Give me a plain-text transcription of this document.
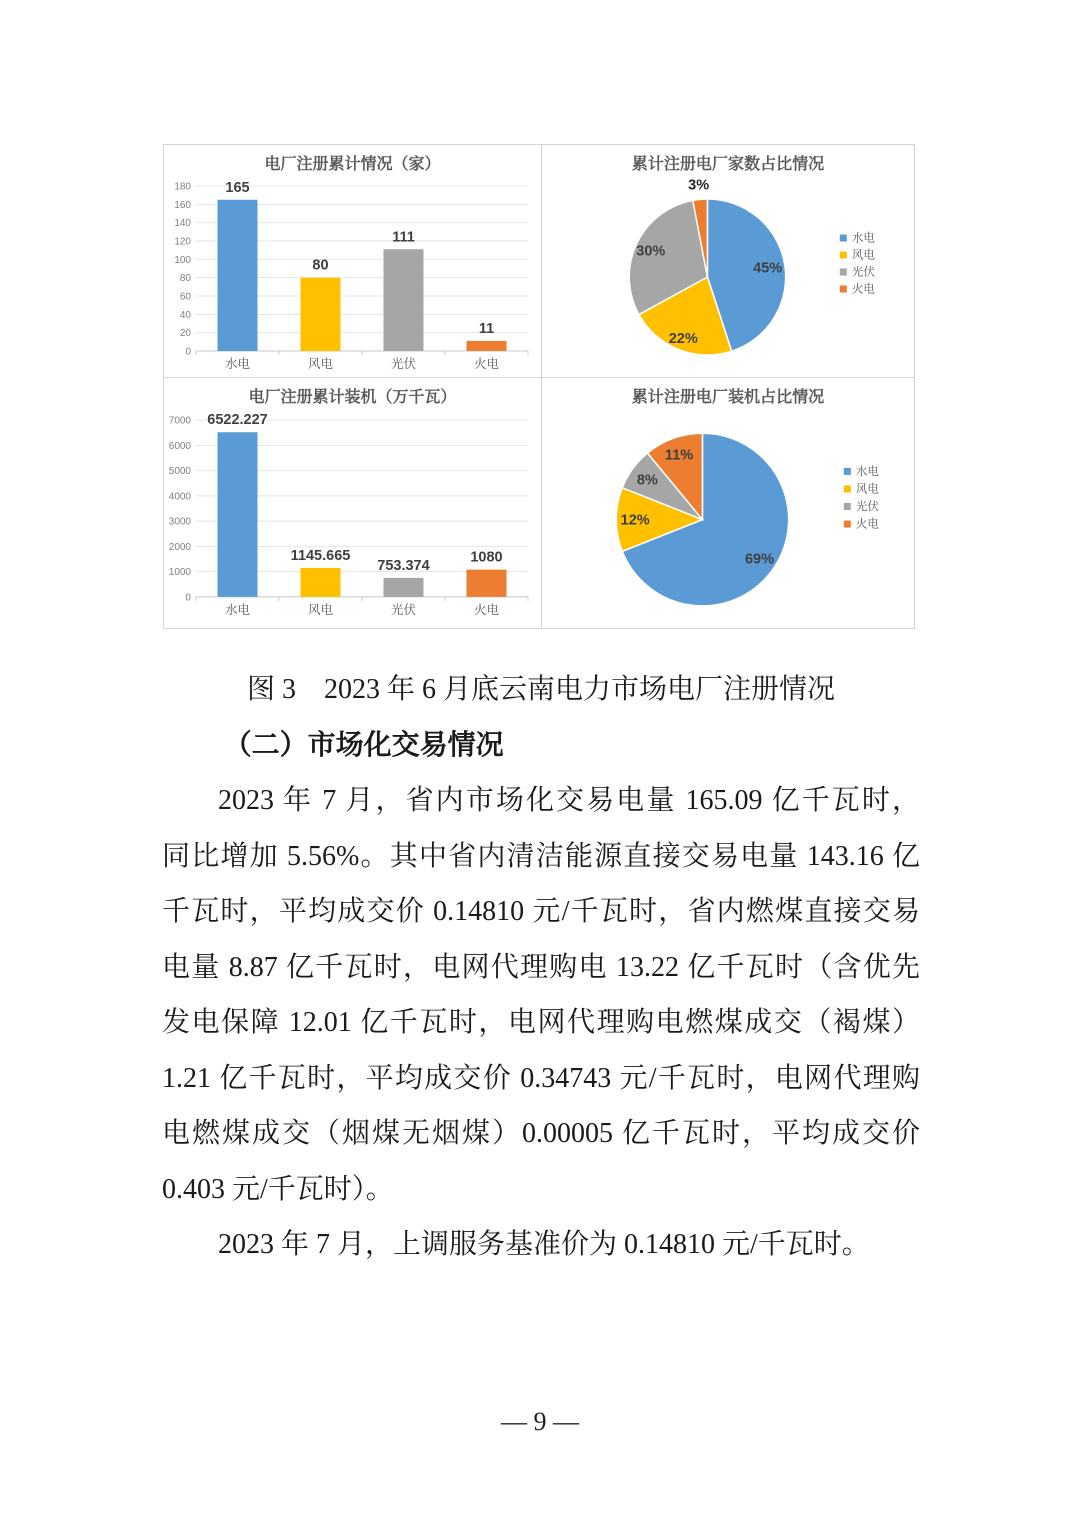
电厂注册累计情况（家）
0
20
40
60
80
100
120
140
160
180 165
水电
80
风电
111
光伏
11
火电
累计注册电厂家数占比情况
45%
22%
30%
3%
水电
风电
光伏
火电
电厂注册累计装机（万千瓦）
0
1000
2000
3000
4000
5000
6000
7000 6522.227
水电
1145.665
风电
753.374
光伏
1080
火电
累计注册电厂装机占比情况
69%
12%
8%
11%
水电
风电
光伏
火电
图 3　2023 年 6 月底云南电力市场电厂注册情况
（二）市场化交易情况
2023 年 7 月，省内市场化交易电量 165.09 亿千瓦时，
同比增加 5.56%。其中省内清洁能源直接交易电量 143.16 亿
千瓦时，平均成交价 0.14810 元/千瓦时，省内燃煤直接交易
电量 8.87 亿千瓦时，电网代理购电 13.22 亿千瓦时（含优先
发电保障 12.01 亿千瓦时，电网代理购电燃煤成交（褐煤）
1.21 亿千瓦时，平均成交价 0.34743 元/千瓦时，电网代理购
电燃煤成交（烟煤无烟煤）0.00005 亿千瓦时，平均成交价
0.403 元/千瓦时）。
2023 年 7 月，上调服务基准价为 0.14810 元/千瓦时。
— 9 —
